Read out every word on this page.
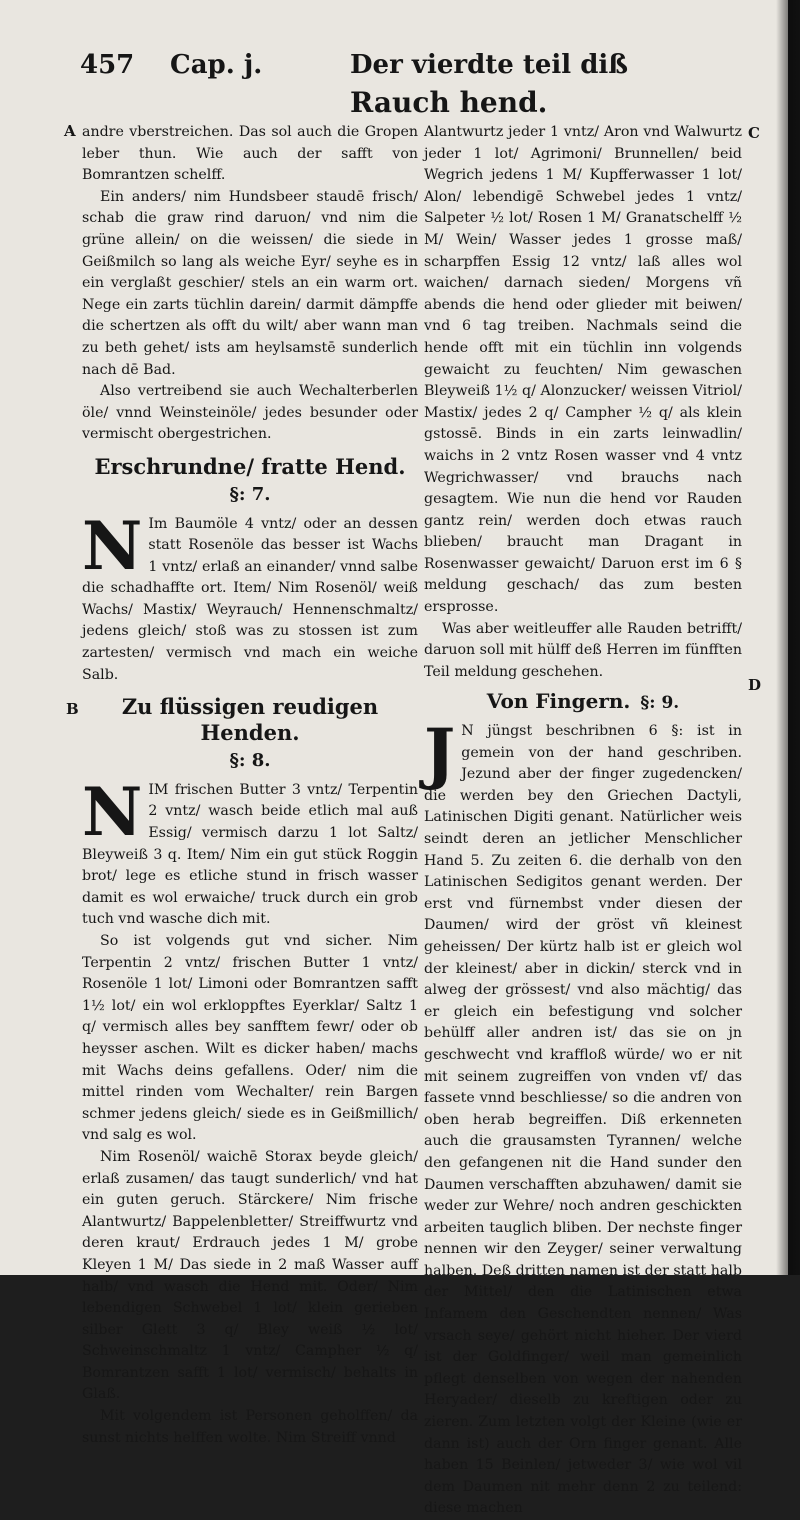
457 Cap. j.	Der vierdte teil diß
Rauch hend.
A
B
C
D

andre vberstreichen. Das sol auch die Gropen leber thun. Wie auch der safft von Bomrantzen schelff.

Ein anders/ nim Hundsbeer staudē frisch/ schab die graw rind daruon/ vnd nim die grüne allein/ on die weissen/ die siede in Geißmilch so lang als weiche Eyr/ seyhe es in ein verglaßt geschier/ stels an ein warm ort. Nege ein zarts tüchlin darein/ darmit dämpffe die schertzen als offt du wilt/ aber wann man zu beth gehet/ ists am heylsamstē sunderlich nach dē Bad.

Also vertreibend sie auch Wechalterberlen öle/ vnnd Weinsteinöle/ jedes besunder oder vermischt obergestrichen.

Erschrundne/ fratte Hend.
§: 7.

N Im Baumöle 4 vntz/ oder an dessen statt Rosenöle das besser ist Wachs 1 vntz/ erlaß an einander/ vnnd salbe die schadhaffte ort. Item/ Nim Rosenöl/ weiß Wachs/ Mastix/ Weyrauch/ Hennenschmaltz/ jedens gleich/ stoß was zu stossen ist zum zartesten/ vermisch vnd mach ein weiche Salb.

Zu flüssigen reudigen Henden.
§: 8.

NIM frischen Butter 3 vntz/ Terpentin 2 vntz/ wasch beide etlich mal auß Essig/ vermisch darzu 1 lot Saltz/ Bleyweiß 3 q. Item/ Nim ein gut stück Roggin brot/ lege es etliche stund in frisch wasser damit es wol erwaiche/ truck durch ein grob tuch vnd wasche dich mit.

So ist volgends gut vnd sicher. Nim Terpentin 2 vntz/ frischen Butter 1 vntz/ Rosenöle 1 lot/ Limoni oder Bomrantzen safft 1½ lot/ ein wol erkloppftes Eyerklar/ Saltz 1 q/ vermisch alles bey sanfftem fewr/ oder ob heysser aschen. Wilt es dicker haben/ machs mit Wachs deins gefallens. Oder/ nim die mittel rinden vom Wechalter/ rein Bargen schmer jedens gleich/ siede es in Geißmillich/ vnd salg es wol.

Nim Rosenöl/ waichē Storax beyde gleich/ erlaß zusamen/ das taugt sunderlich/ vnd hat ein guten geruch. Stärckere/ Nim frische Alantwurtz/ Bappelenbletter/ Streiffwurtz vnd deren kraut/ Erdrauch jedes 1 M/ grobe Kleyen 1 M/ Das siede in 2 maß Wasser auff halb/ vnd wasch die Hend mit. Oder/ Nim lebendigen Schwebel 1 lot/ klein gerieben silber Glett 3 q/ Bley weiß ½ lot/ Schweinschmaltz 1 vntz/ Campher ½ q/ Bomrantzen safft 1 lot/ vermisch/ behalts in Glaß.

Mit volgendem ist Personen geholffen/ da sunst nichts helffen wolte. Nim Streiff vnnd

Alantwurtz jeder 1 vntz/ Aron vnd Walwurtz jeder 1 lot/ Agrimoni/ Brunnellen/ beid Wegrich jedens 1 M/ Kupfferwasser 1 lot/ Alon/ lebendigē Schwebel jedes 1 vntz/ Salpeter ½ lot/ Rosen 1 M/ Granatschelff ½ M/ Wein/ Wasser jedes 1 grosse maß/ scharpffen Essig 12 vntz/ laß alles wol waichen/ darnach sieden/ Morgens vñ abends die hend oder glieder mit beiwen/ vnd 6 tag treiben. Nachmals seind die hende offt mit ein tüchlin inn volgends gewaicht zu feuchten/ Nim gewaschen Bleyweiß 1½ q/ Alonzucker/ weissen Vitriol/ Mastix/ jedes 2 q/ Campher ½ q/ als klein gstossē. Binds in ein zarts leinwadlin/ waichs in 2 vntz Rosen wasser vnd 4 vntz Wegrichwasser/ vnd brauchs nach gesagtem. Wie nun die hend vor Rauden gantz rein/ werden doch etwas rauch blieben/ braucht man Dragant in Rosenwasser gewaicht/ Daruon erst im 6 § meldung geschach/ das zum besten ersprosse.

Was aber weitleuffer alle Rauden betrifft/ daruon soll mit hülff deß Herren im fünfften Teil meldung geschehen.

Von Fingern. §: 9.

J N jüngst beschribnen 6 §: ist in gemein von der hand geschriben. Jezund aber der finger zugedencken/ die werden bey den Griechen Dactyli, Latinischen Digiti genant. Natürlicher weis seindt deren an jetlicher Menschlicher Hand 5. Zu zeiten 6. die derhalb von den Latinischen Sedigitos genant werden. Der erst vnd fürnembst vnder diesen der Daumen/ wird der gröst vñ kleinest geheissen/ Der kürtz halb ist er gleich wol der kleinest/ aber in dickin/ sterck vnd in alweg der grössest/ vnd also mächtig/ das er gleich ein befestigung vnd solcher behülff aller andren ist/ das sie on jn geschwecht vnd kraffloß würde/ wo er nit mit seinem zugreiffen von vnden vf/ das fassete vnnd beschliesse/ so die andren von oben herab begreiffen. Diß erkenneten auch die grausamsten Tyrannen/ welche den gefangenen nit die Hand sunder den Daumen verschafften abzuhawen/ damit sie weder zur Wehre/ noch andren geschickten arbeiten tauglich bliben. Der nechste finger nennen wir den Zeyger/ seiner verwaltung halben. Deß dritten namen ist der statt halb der Mittel/ den die Latinischen etwa Infamem den Geschendten nennen/ Was vrsach seye/ gehört nicht hieher. Der vierd ist der Goldfinger/ weil man gemeinlich pflegt denselben von wegen der nahenden Heryader/ dieselb zu kreftigen oder zu zieren. Zum letzten volgt der Kleine (wie er dann ist) auch der Orn finger genant. Alle haben 15 Beinlen/ jetweder 3/ wie wol vil dem Daumen nit mehr denn 2 zu teilend: diese machen
